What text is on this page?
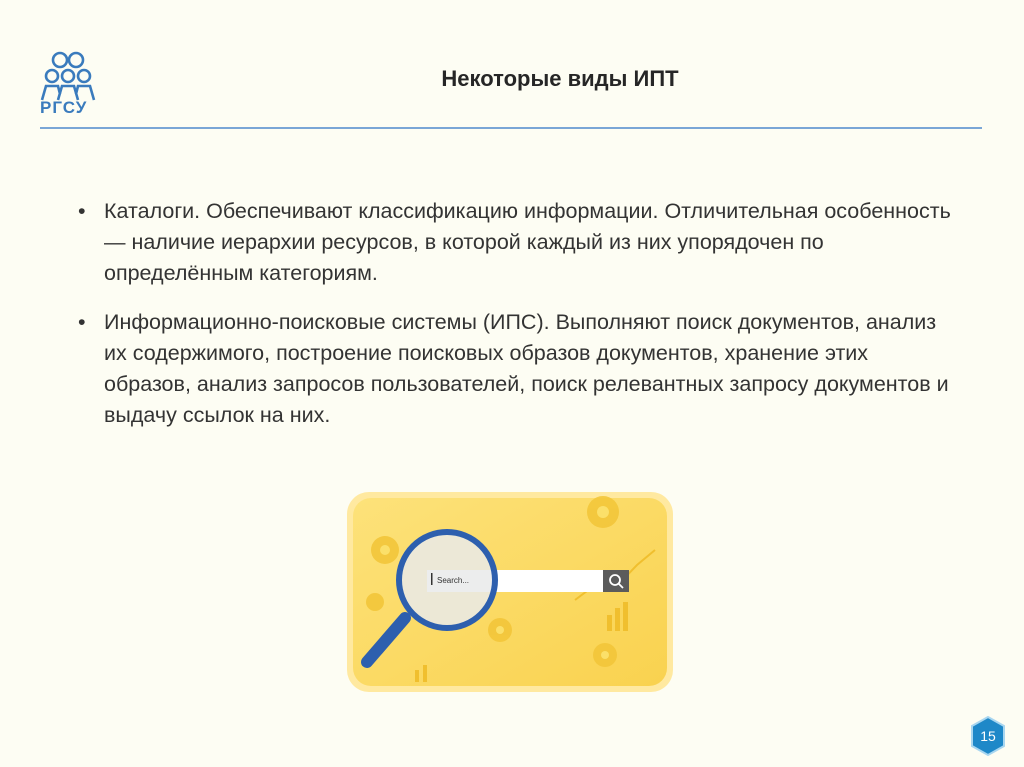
РГСУ
Некоторые виды ИПТ
• Каталоги. Обеспечивают классификацию информации. Отличительная особенность — наличие иерархии ресурсов, в которой каждый из них упорядочен по определённым категориям.
• Информационно-поисковые системы (ИПС). Выполняют поиск документов, анализ их содержимого, построение поисковых образов документов, хранение этих образов, анализ запросов пользователей, поиск релевантных запросу документов и выдачу ссылок на них.
Search...
15
